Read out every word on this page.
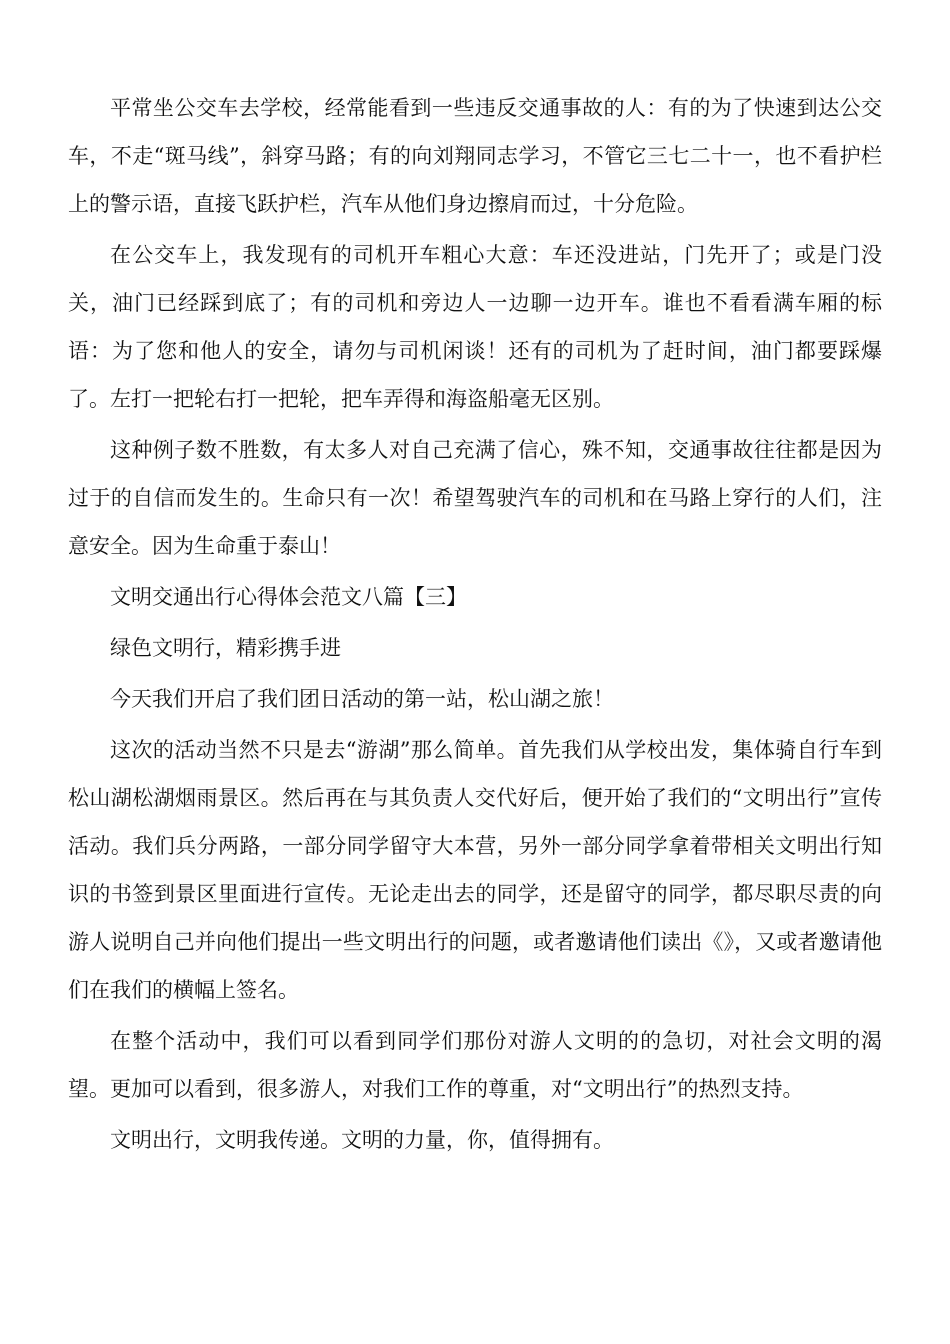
平常坐公交车去学校，经常能看到一些违反交通事故的人：有的为了快速到达公交车，不走“斑马线”，斜穿马路；有的向刘翔同志学习，不管它三七二十一，也不看护栏上的警示语，直接飞跃护栏，汽车从他们身边擦肩而过，十分危险。

在公交车上，我发现有的司机开车粗心大意：车还没进站，门先开了；或是门没关，油门已经踩到底了；有的司机和旁边人一边聊一边开车。谁也不看看满车厢的标语：为了您和他人的安全，请勿与司机闲谈！还有的司机为了赶时间，油门都要踩爆了。左打一把轮右打一把轮，把车弄得和海盗船毫无区别。

这种例子数不胜数，有太多人对自己充满了信心，殊不知，交通事故往往都是因为过于的自信而发生的。生命只有一次！希望驾驶汽车的司机和在马路上穿行的人们，注意安全。因为生命重于泰山！

文明交通出行心得体会范文八篇【三】

绿色文明行，精彩携手进

今天我们开启了我们团日活动的第一站，松山湖之旅！

这次的活动当然不只是去“游湖”那么简单。首先我们从学校出发，集体骑自行车到松山湖松湖烟雨景区。然后再在与其负责人交代好后，便开始了我们的“文明出行”宣传活动。我们兵分两路，一部分同学留守大本营，另外一部分同学拿着带相关文明出行知识的书签到景区里面进行宣传。无论走出去的同学，还是留守的同学，都尽职尽责的向游人说明自己并向他们提出一些文明出行的问题，或者邀请他们读出《》，又或者邀请他们在我们的横幅上签名。

在整个活动中，我们可以看到同学们那份对游人文明的的急切，对社会文明的渴望。更加可以看到，很多游人，对我们工作的尊重，对“文明出行”的热烈支持。

文明出行，文明我传递。文明的力量，你，值得拥有。
